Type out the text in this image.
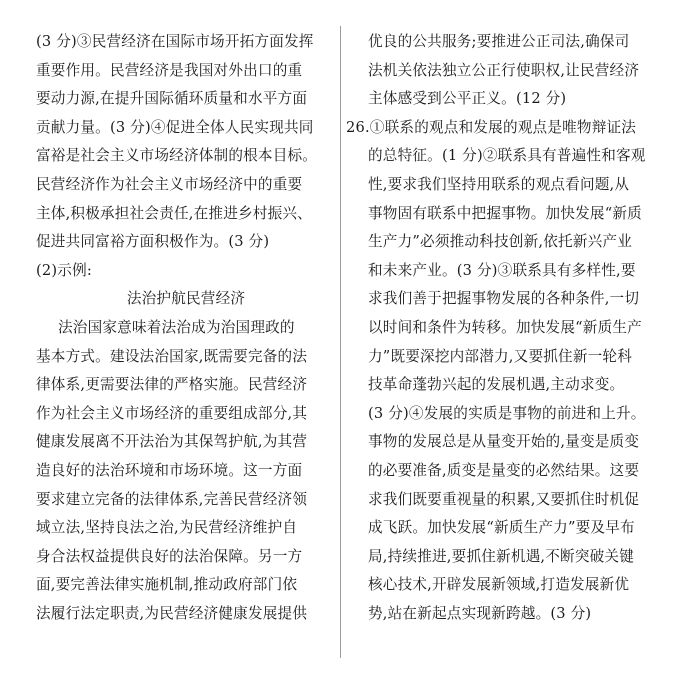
(3 分)③民营经济在国际市场开拓方面发挥
重要作用。民营经济是我国对外出口的重
要动力源,在提升国际循环质量和水平方面
贡献力量。(3 分)④促进全体人民实现共同
富裕是社会主义市场经济体制的根本目标。
民营经济作为社会主义市场经济中的重要
主体,积极承担社会责任,在推进乡村振兴、
促进共同富裕方面积极作为。(3 分)
(2)示例:
法治护航民营经济
法治国家意味着法治成为治国理政的
基本方式。建设法治国家,既需要完备的法
律体系,更需要法律的严格实施。民营经济
作为社会主义市场经济的重要组成部分,其
健康发展离不开法治为其保驾护航,为其营
造良好的法治环境和市场环境。这一方面
要求建立完备的法律体系,完善民营经济领
域立法,坚持良法之治,为民营经济维护自
身合法权益提供良好的法治保障。另一方
面,要完善法律实施机制,推动政府部门依
法履行法定职责,为民营经济健康发展提供
优良的公共服务;要推进公正司法,确保司
法机关依法独立公正行使职权,让民营经济
主体感受到公平正义。(12 分)
26.①联系的观点和发展的观点是唯物辩证法
的总特征。(1 分)②联系具有普遍性和客观
性,要求我们坚持用联系的观点看问题,从
事物固有联系中把握事物。加快发展“新质
生产力”必须推动科技创新,依托新兴产业
和未来产业。(3 分)③联系具有多样性,要
求我们善于把握事物发展的各种条件,一切
以时间和条件为转移。加快发展“新质生产
力”既要深挖内部潜力,又要抓住新一轮科
技革命蓬勃兴起的发展机遇,主动求变。
(3 分)④发展的实质是事物的前进和上升。
事物的发展总是从量变开始的,量变是质变
的必要准备,质变是量变的必然结果。这要
求我们既要重视量的积累,又要抓住时机促
成飞跃。加快发展“新质生产力”要及早布
局,持续推进,要抓住新机遇,不断突破关键
核心技术,开辟发展新领域,打造发展新优
势,站在新起点实现新跨越。(3 分)
